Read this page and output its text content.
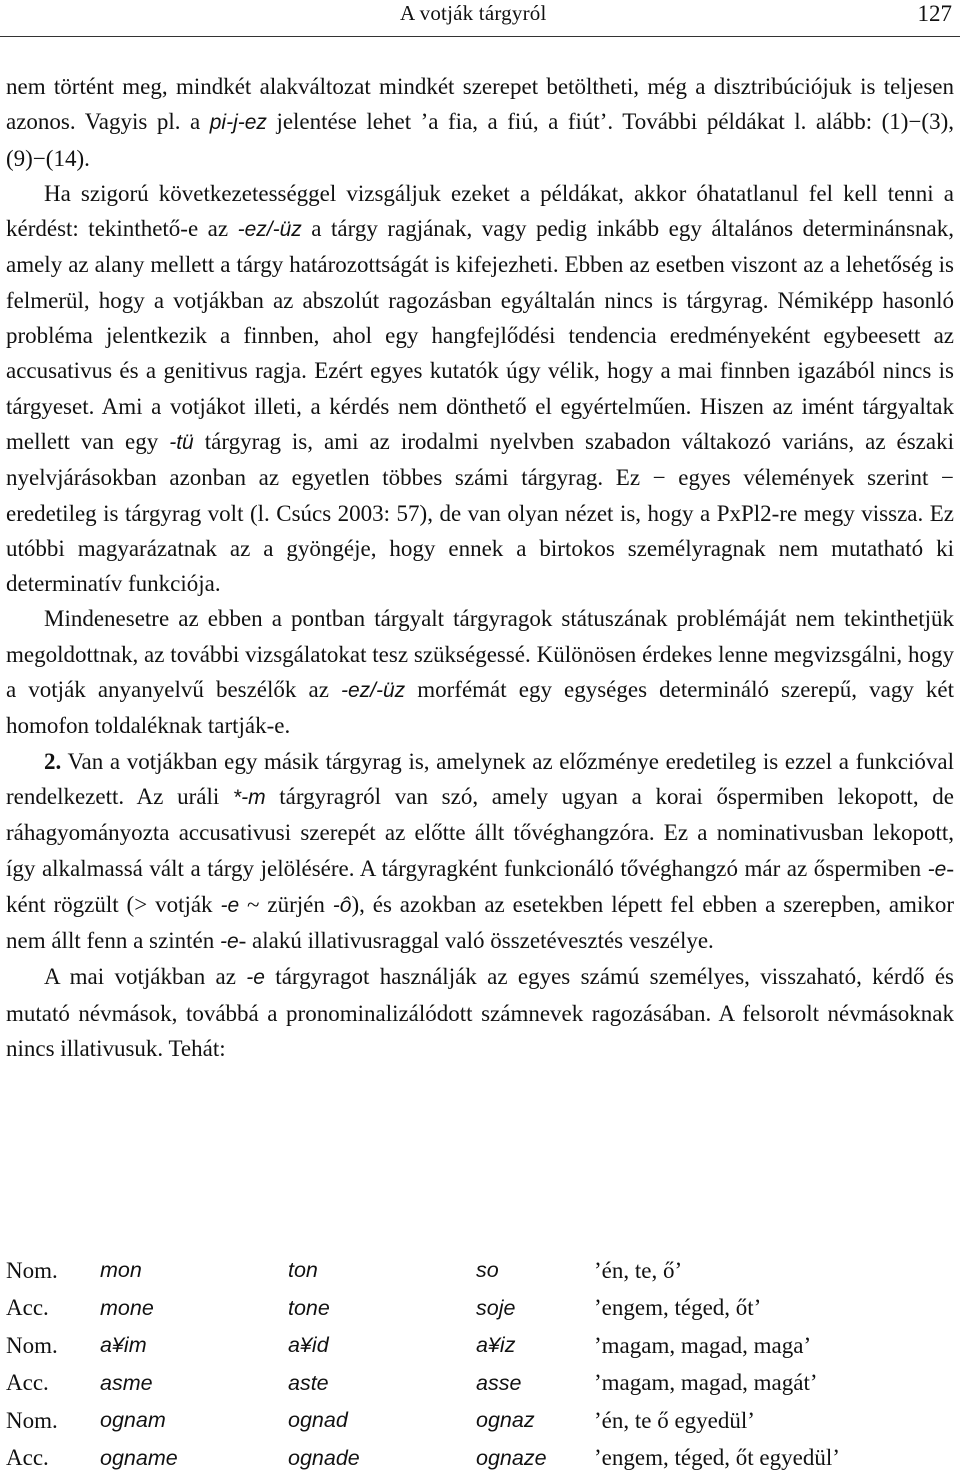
A votják tárgyról	127

nem történt meg, mindkét alakváltozat mindkét szerepet betöltheti, még a disztribúciójuk is teljesen azonos. Vagyis pl. a pi-j-ez jelentése lehet ’a fia, a fiú, a fiút’. További példákat l. alább: (1)−(3), (9)−(14).

Ha szigorú következetességgel vizsgáljuk ezeket a példákat, akkor óhatatlanul fel kell tenni a kérdést: tekinthető-e az -ez/-üz a tárgy ragjának, vagy pedig inkább egy általános determinánsnak, amely az alany mellett a tárgy határozottságát is kifejezheti. Ebben az esetben viszont az a lehetőség is felmerül, hogy a votjákban az abszolút ragozásban egyáltalán nincs is tárgyrag. Némiképp hasonló probléma jelentkezik a finnben, ahol egy hangfejlődési tendencia eredményeként egybeesett az accusativus és a genitivus ragja. Ezért egyes kutatók úgy vélik, hogy a mai finnben igazából nincs is tárgyeset. Ami a votjákot illeti, a kérdés nem dönthető el egyértelműen. Hiszen az imént tárgyaltak mellett van egy -tü tárgyrag is, ami az irodalmi nyelvben szabadon váltakozó variáns, az északi nyelvjárásokban azonban az egyetlen többes számi tárgyrag. Ez − egyes vélemények szerint − eredetileg is tárgyrag volt (l. Csúcs 2003: 57), de van olyan nézet is, hogy a PxPl2-re megy vissza. Ez utóbbi magyarázatnak az a gyöngéje, hogy ennek a birtokos személyragnak nem mutatható ki determinatív funkciója.

Mindenesetre az ebben a pontban tárgyalt tárgyragok státuszának problémáját nem tekinthetjük megoldottnak, az további vizsgálatokat tesz szükségessé. Különösen érdekes lenne megvizsgálni, hogy a votják anyanyelvű beszélők az -ez/-üz morfémát egy egységes determináló szerepű, vagy két homofon toldaléknak tartják-e.

2. Van a votjákban egy másik tárgyrag is, amelynek az előzménye eredetileg is ezzel a funkcióval rendelkezett. Az uráli *-m tárgyragról van szó, amely ugyan a korai őspermiben lekopott, de ráhagyományozta accusativusi szerepét az előtte állt tővéghangzóra. Ez a nominativusban lekopott, így alkalmassá vált a tárgy jelölésére. A tárgyragként funkcionáló tővéghangzó már az őspermiben -e-ként rögzült (> votják -e ~ zürjén -ô), és azokban az esetekben lépett fel ebben a szerepben, amikor nem állt fenn a szintén -e- alakú illativusraggal való összetévesztés veszélye.

A mai votjákban az -e tárgyragot használják az egyes számú személyes, visszaható, kérdő és mutató névmások, továbbá a pronominalizálódott számnevek ragozásában. A felsorolt névmásoknak nincs illativusuk. Tehát:

Nom.	mon	ton	so	’én, te, ő’
Acc.	mone	tone	soje	’engem, téged, őt’
Nom.	a¥im	a¥id	a¥iz	’magam, magad, maga’
Acc.	asme	aste	asse	’magam, magad, magát’
Nom.	ognam	ognad	ognaz	’én, te ő egyedül’
Acc.	ogname	ognade	ognaze	’engem, téged, őt egyedül’
